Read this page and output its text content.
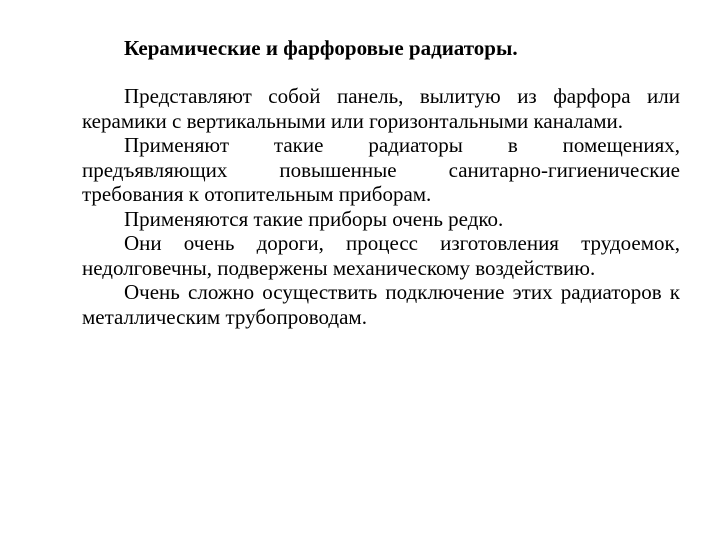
Керамические и фарфоровые радиаторы.
Представляют собой панель, вылитую из фарфора или
керамики с вертикальными или горизонтальными каналами.
Применяют такие радиаторы в помещениях,
предъявляющих повышенные санитарно-гигиенические
требования к отопительным приборам.
Применяются такие приборы очень редко.
Они очень дороги, процесс изготовления трудоемок,
недолговечны, подвержены механическому воздействию.
Очень сложно осуществить подключение этих радиаторов к
металлическим трубопроводам.
